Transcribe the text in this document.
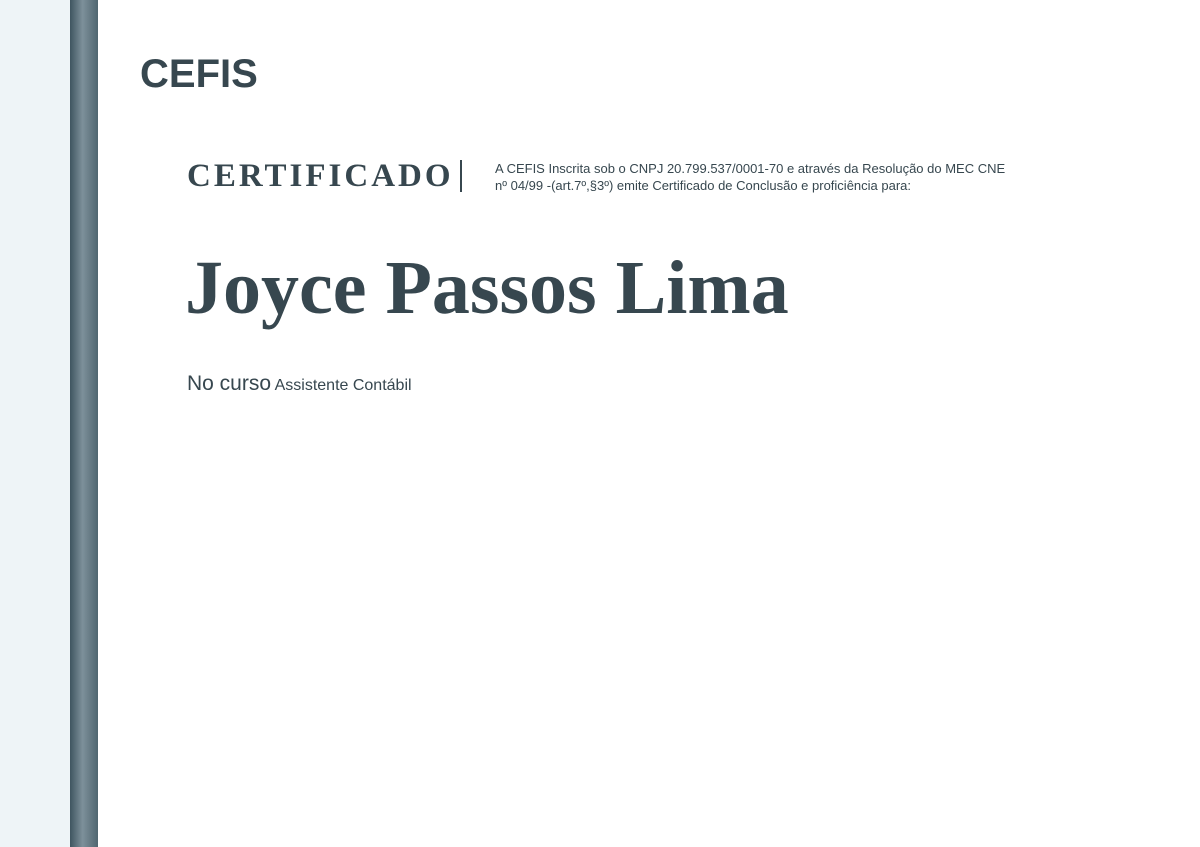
CEFIS
CERTIFICADO	A CEFIS Inscrita sob o CNPJ 20.799.537/0001-70 e através da Resolução do MEC CNE nº 04/99 -(art.7º,§3º) emite Certificado de Conclusão e proficiência para:
Joyce Passos Lima
No curso Assistente Contábil
